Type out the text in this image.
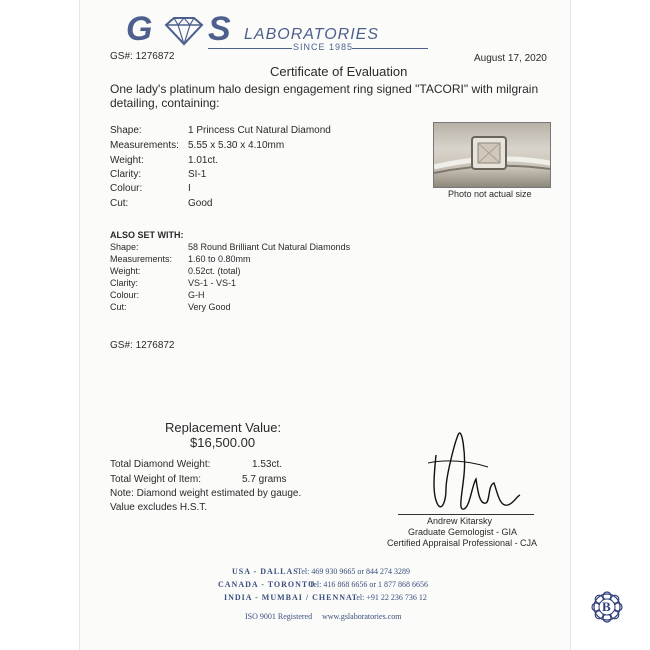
G S LABORATORIES
SINCE 1985
GS#: 1276872	August 17, 2020
Certificate of Evaluation
One lady's platinum halo design engagement ring signed "TACORI" with milgrain
detailing, containing:
Shape:	1 Princess Cut Natural Diamond
Measurements: 5.55 x 5.30 x 4.10mm
Weight:	1.01ct.
Clarity:	SI-1
Colour:	I
Cut:	Good
Photo not actual size
ALSO SET WITH:
Shape:	58 Round Brilliant Cut Natural Diamonds
Measurements: 1.60 to 0.80mm
Weight:	0.52ct. (total)
Clarity:	VS-1 - VS-1
Colour:	G-H
Cut:	Very Good
GS#: 1276872
Replacement Value:
$16,500.00
Total Diamond Weight:	1.53ct.
Total Weight of Item:	5.7 grams
Note: Diamond weight estimated by gauge.
Value excludes H.S.T.
Andrew Kitarsky
Graduate Gemologist - GIA
Certified Appraisal Professional - CJA
USA - DALLAS
Tel: 469 930 9665 or 844 274 3289
CANADA - TORONTO
Tel: 416 868 6656 or 1 877 868 6656
INDIA - MUMBAI / CHENNAI
Tel: +91 22 236 736 12
ISO 9001 Registered www.gslaboratories.com
B
